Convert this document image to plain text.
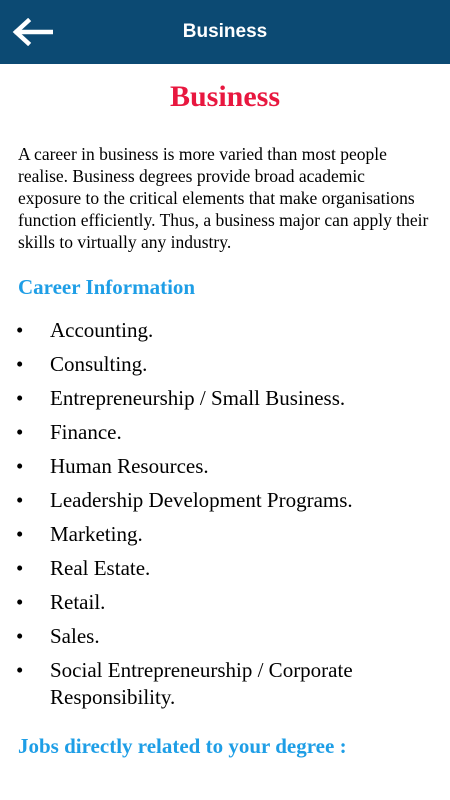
Business
Business

A career in business is more varied than most people realise. Business degrees provide broad academic exposure to the critical elements that make organisations function efficiently. Thus, a business major can apply their skills to virtually any industry.

Career Information
• Accounting.
• Consulting.
• Entrepreneurship / Small Business.
• Finance.
• Human Resources.
• Leadership Development Programs.
• Marketing.
• Real Estate.
• Retail.
• Sales.
• Social Entrepreneurship / Corporate Responsibility.
Jobs directly related to your degree :
